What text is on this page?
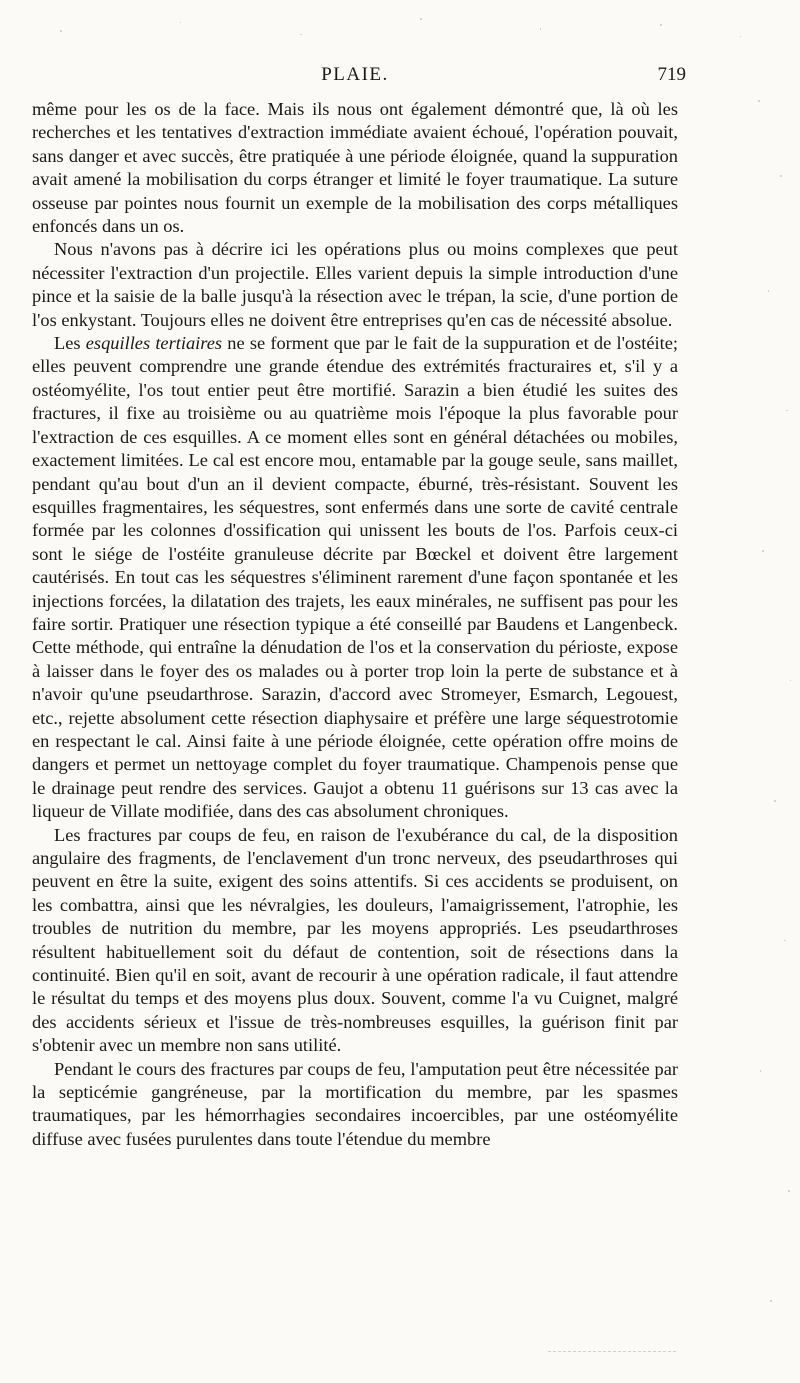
PLAIE.	719

même pour les os de la face. Mais ils nous ont également démontré que, là où les recherches et les tentatives d'extraction immédiate avaient échoué, l'opération pouvait, sans danger et avec succès, être pratiquée à une période éloignée, quand la suppuration avait amené la mobilisation du corps étranger et limité le foyer traumatique. La suture osseuse par pointes nous fournit un exemple de la mobilisation des corps métalliques enfoncés dans un os.

Nous n'avons pas à décrire ici les opérations plus ou moins complexes que peut nécessiter l'extraction d'un projectile. Elles varient depuis la simple introduction d'une pince et la saisie de la balle jusqu'à la résection avec le trépan, la scie, d'une portion de l'os enkystant. Toujours elles ne doivent être entreprises qu'en cas de nécessité absolue.

Les esquilles tertiaires ne se forment que par le fait de la suppuration et de l'ostéite; elles peuvent comprendre une grande étendue des extrémités fracturaires et, s'il y a ostéomyélite, l'os tout entier peut être mortifié. Sarazin a bien étudié les suites des fractures, il fixe au troisième ou au quatrième mois l'époque la plus favorable pour l'extraction de ces esquilles. A ce moment elles sont en général détachées ou mobiles, exactement limitées. Le cal est encore mou, entamable par la gouge seule, sans maillet, pendant qu'au bout d'un an il devient compacte, éburné, très-résistant. Souvent les esquilles fragmentaires, les séquestres, sont enfermés dans une sorte de cavité centrale formée par les colonnes d'ossification qui unissent les bouts de l'os. Parfois ceux-ci sont le siége de l'ostéite granuleuse décrite par Bœckel et doivent être largement cautérisés. En tout cas les séquestres s'éliminent rarement d'une façon spontanée et les injections forcées, la dilatation des trajets, les eaux minérales, ne suffisent pas pour les faire sortir. Pratiquer une résection typique a été conseillé par Baudens et Langenbeck. Cette méthode, qui entraîne la dénudation de l'os et la conservation du périoste, expose à laisser dans le foyer des os malades ou à porter trop loin la perte de substance et à n'avoir qu'une pseudarthrose. Sarazin, d'accord avec Stromeyer, Esmarch, Legouest, etc., rejette absolument cette résection diaphysaire et préfère une large séquestrotomie en respectant le cal. Ainsi faite à une période éloignée, cette opération offre moins de dangers et permet un nettoyage complet du foyer traumatique. Champenois pense que le drainage peut rendre des services. Gaujot a obtenu 11 guérisons sur 13 cas avec la liqueur de Villate modifiée, dans des cas absolument chroniques.

Les fractures par coups de feu, en raison de l'exubérance du cal, de la disposition angulaire des fragments, de l'enclavement d'un tronc nerveux, des pseudarthroses qui peuvent en être la suite, exigent des soins attentifs. Si ces accidents se produisent, on les combattra, ainsi que les névralgies, les douleurs, l'amaigrissement, l'atrophie, les troubles de nutrition du membre, par les moyens appropriés. Les pseudarthroses résultent habituellement soit du défaut de contention, soit de résections dans la continuité. Bien qu'il en soit, avant de recourir à une opération radicale, il faut attendre le résultat du temps et des moyens plus doux. Souvent, comme l'a vu Cuignet, malgré des accidents sérieux et l'issue de très-nombreuses esquilles, la guérison finit par s'obtenir avec un membre non sans utilité.

Pendant le cours des fractures par coups de feu, l'amputation peut être nécessitée par la septicémie gangréneuse, par la mortification du membre, par les spasmes traumatiques, par les hémorrhagies secondaires incoercibles, par une ostéomyélite diffuse avec fusées purulentes dans toute l'étendue du membre
